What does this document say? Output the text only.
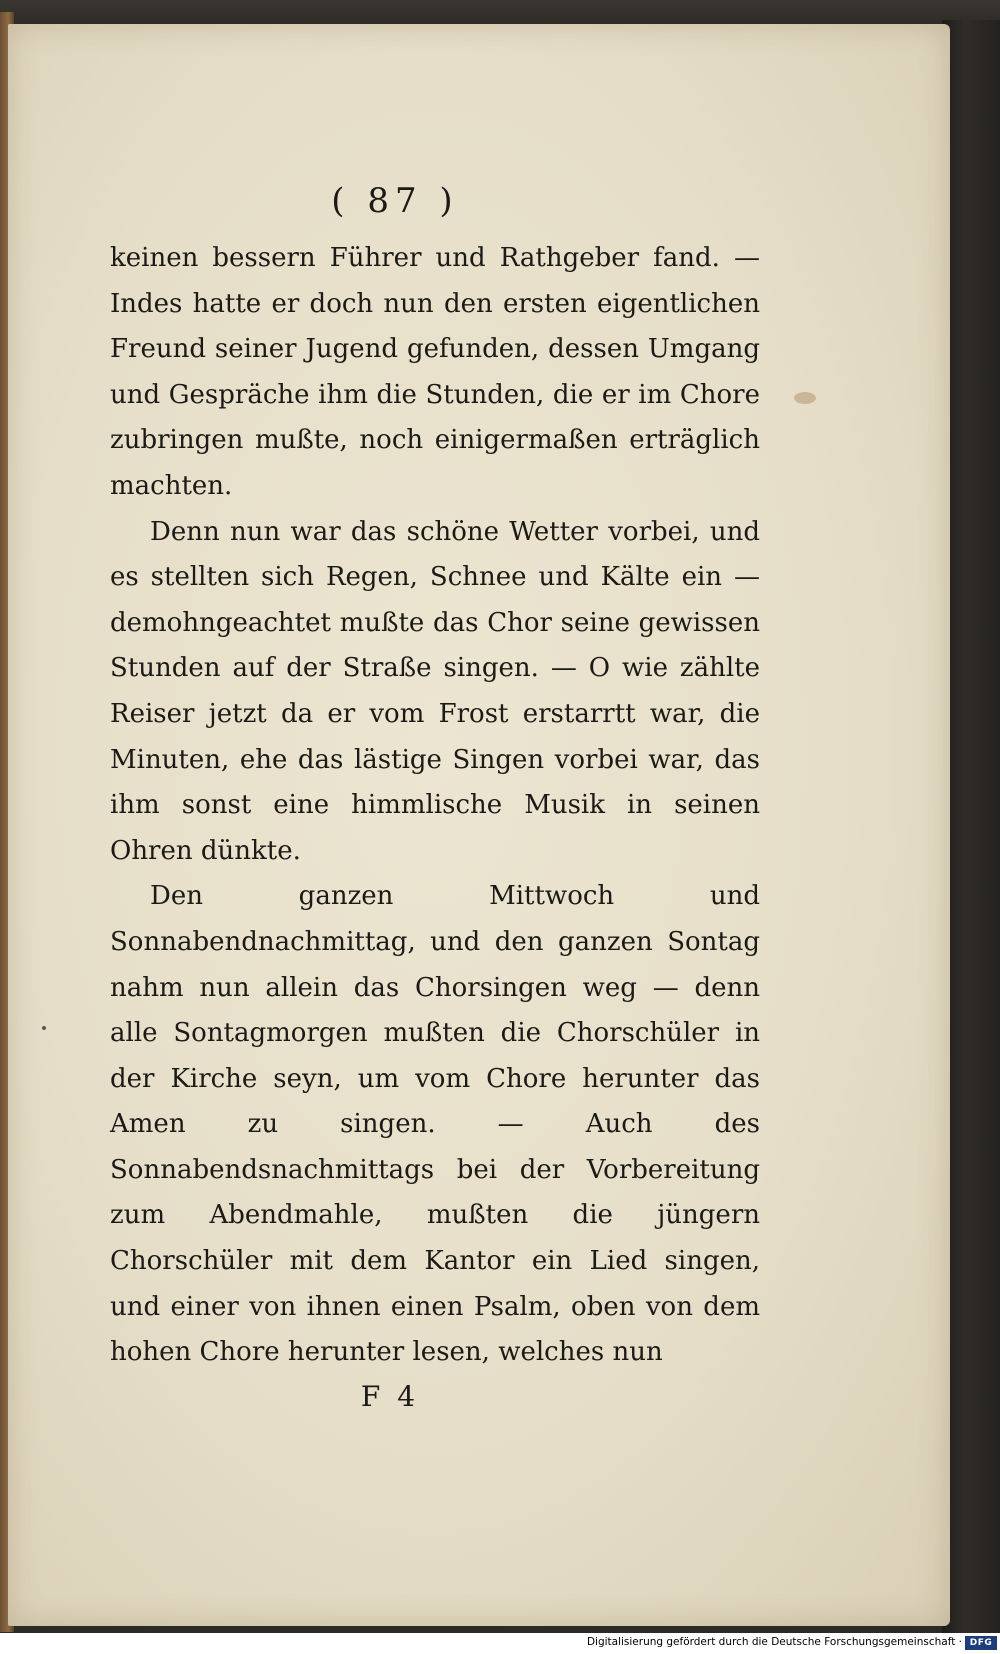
( 87 )

keinen bessern Führer und Rathgeber fand. — Indes hatte er doch nun den ersten eigentlichen Freund seiner Jugend gefunden, dessen Umgang und Gespräche ihm die Stunden, die er im Chore zubringen mußte, noch einigermaßen erträglich machten.

Denn nun war das schöne Wetter vorbei, und es stellten sich Regen, Schnee und Kälte ein — demohngeachtet mußte das Chor seine gewissen Stunden auf der Straße singen. — O wie zählte Reiser jetzt da er vom Frost erstarrtt war, die Minuten, ehe das lästige Singen vorbei war, das ihm sonst eine himmlische Musik in seinen Ohren dünkte.

Den ganzen Mittwoch und Sonnabendnachmittag, und den ganzen Sontag nahm nun allein das Chorsingen weg — denn alle Sontagmorgen mußten die Chorschüler in der Kirche seyn, um vom Chore herunter das Amen zu singen. — Auch des Sonnabendsnachmittags bei der Vorbereitung zum Abendmahle, mußten die jüngern Chorschüler mit dem Kantor ein Lied singen, und einer von ihnen einen Psalm, oben von dem hohen Chore herunter lesen, welches nun

F 4
Digitalisierung gefördert durch die Deutsche Forschungsgemeinschaft · DFG
